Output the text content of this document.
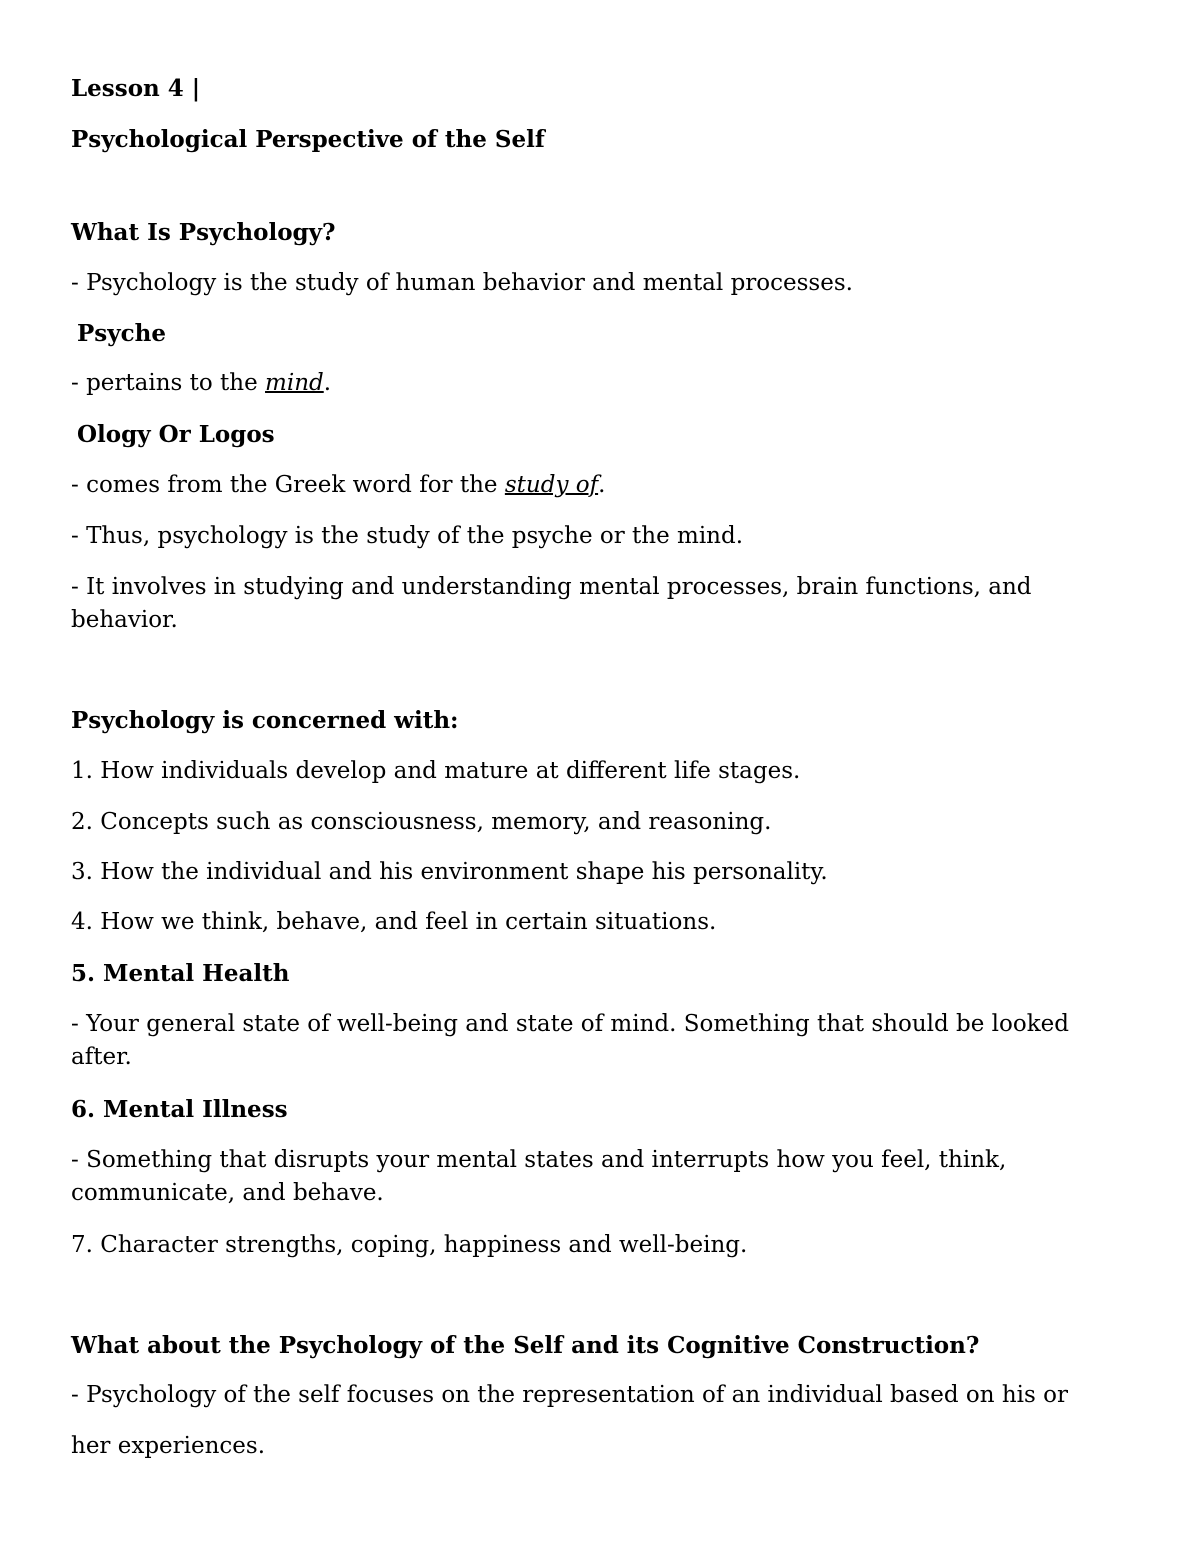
Lesson 4 |
Psychological Perspective of the Self
What Is Psychology?
- Psychology is the study of human behavior and mental processes.
Psyche
- pertains to the mind.
Ology Or Logos
- comes from the Greek word for the study of.
- Thus, psychology is the study of the psyche or the mind.
- It involves in studying and understanding mental processes, brain functions, and behavior.
Psychology is concerned with:
1. How individuals develop and mature at different life stages.
2. Concepts such as consciousness, memory, and reasoning.
3. How the individual and his environment shape his personality.
4. How we think, behave, and feel in certain situations.
5. Mental Health
- Your general state of well-being and state of mind. Something that should be looked after.
6. Mental Illness
- Something that disrupts your mental states and interrupts how you feel, think, communicate, and behave.
7. Character strengths, coping, happiness and well-being.
What about the Psychology of the Self and its Cognitive Construction?
- Psychology of the self focuses on the representation of an individual based on his or
her experiences.
